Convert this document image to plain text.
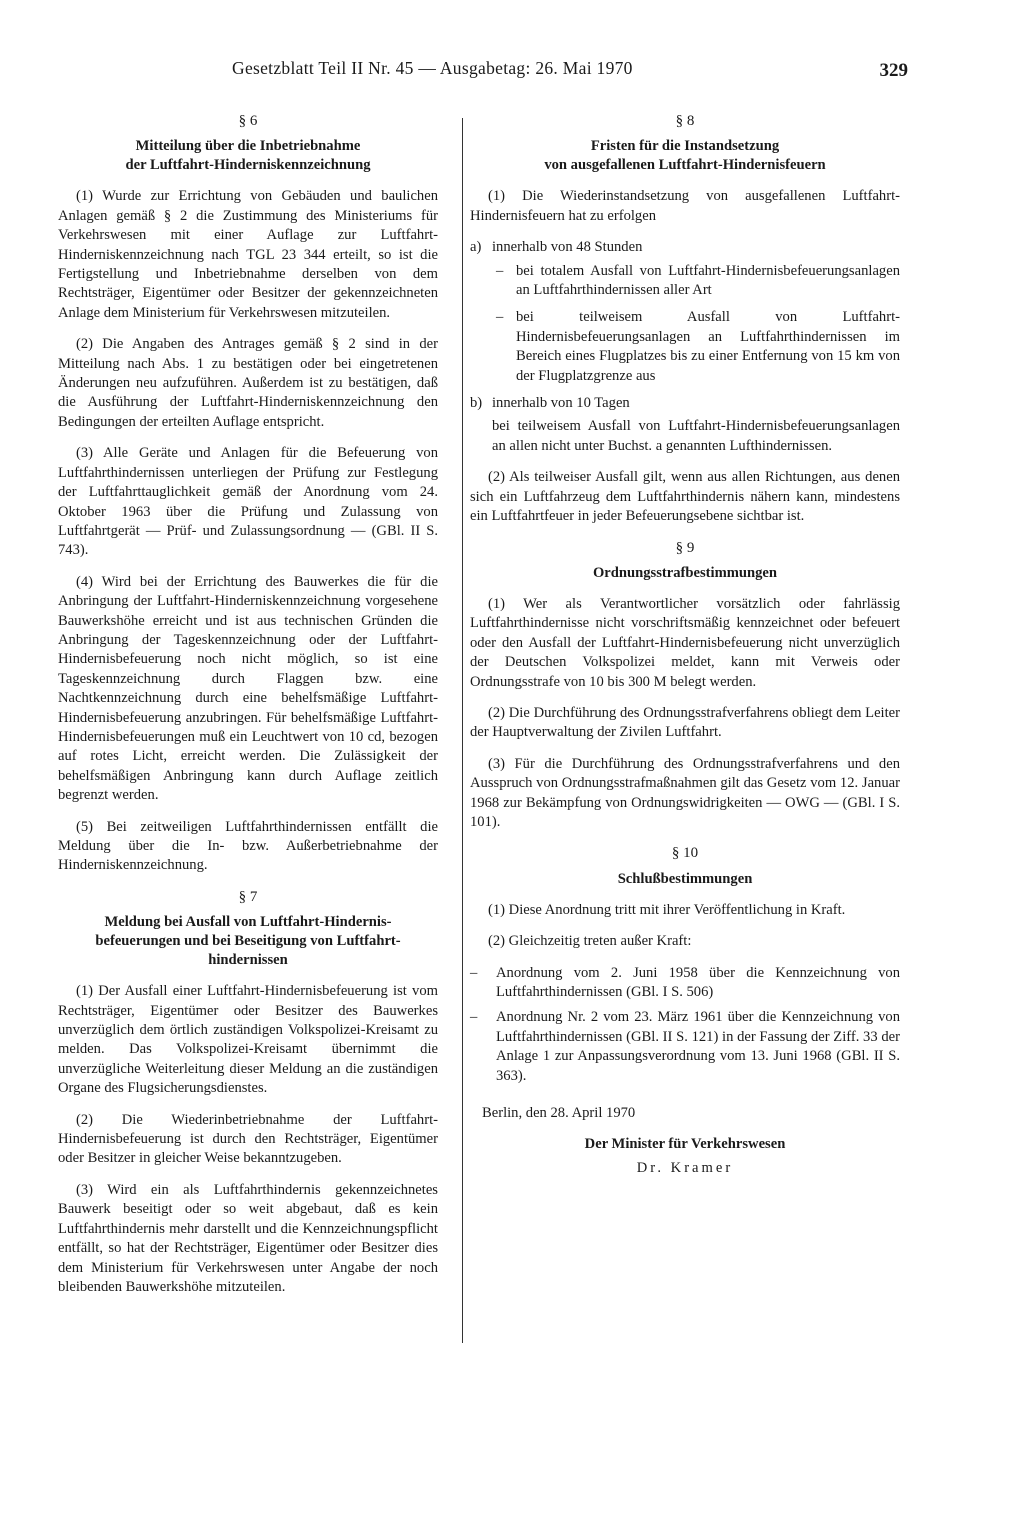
Gesetzblatt Teil II Nr. 45 — Ausgabetag: 26. Mai 1970	329
§ 6
Mitteilung über die Inbetriebnahme
der Luftfahrt-Hinderniskennzeichnung

(1) Wurde zur Errichtung von Gebäuden und baulichen Anlagen gemäß § 2 die Zustimmung des Ministeriums für Verkehrswesen mit einer Auflage zur Luftfahrt-Hinderniskennzeichnung nach TGL 23 344 erteilt, so ist die Fertigstellung und Inbetriebnahme derselben von dem Rechtsträger, Eigentümer oder Besitzer der gekennzeichneten Anlage dem Ministerium für Verkehrswesen mitzuteilen.

(2) Die Angaben des Antrages gemäß § 2 sind in der Mitteilung nach Abs. 1 zu bestätigen oder bei eingetretenen Änderungen neu aufzuführen. Außerdem ist zu bestätigen, daß die Ausführung der Luftfahrt-Hinderniskennzeichnung den Bedingungen der erteilten Auflage entspricht.

(3) Alle Geräte und Anlagen für die Befeuerung von Luftfahrthindernissen unterliegen der Prüfung zur Festlegung der Luftfahrttauglichkeit gemäß der Anordnung vom 24. Oktober 1963 über die Prüfung und Zulassung von Luftfahrtgerät — Prüf- und Zulassungsordnung — (GBl. II S. 743).

(4) Wird bei der Errichtung des Bauwerkes die für die Anbringung der Luftfahrt-Hinderniskennzeichnung vorgesehene Bauwerkshöhe erreicht und ist aus technischen Gründen die Anbringung der Tageskennzeichnung oder der Luftfahrt-Hindernisbefeuerung noch nicht möglich, so ist eine Tageskennzeichnung durch Flaggen bzw. eine Nachtkennzeichnung durch eine behelfsmäßige Luftfahrt-Hindernisbefeuerung anzubringen. Für behelfsmäßige Luftfahrt-Hindernisbefeuerungen muß ein Leuchtwert von 10 cd, bezogen auf rotes Licht, erreicht werden. Die Zulässigkeit der behelfsmäßigen Anbringung kann durch Auflage zeitlich begrenzt werden.

(5) Bei zeitweiligen Luftfahrthindernissen entfällt die Meldung über die In- bzw. Außerbetriebnahme der Hinderniskennzeichnung.

§ 7
Meldung bei Ausfall von Luftfahrt-Hindernis-
befeuerungen und bei Beseitigung von Luftfahrt-
hindernissen

(1) Der Ausfall einer Luftfahrt-Hindernisbefeuerung ist vom Rechtsträger, Eigentümer oder Besitzer des Bauwerkes unverzüglich dem örtlich zuständigen Volkspolizei-Kreisamt zu melden. Das Volkspolizei-Kreisamt übernimmt die unverzügliche Weiterleitung dieser Meldung an die zuständigen Organe des Flugsicherungsdienstes.

(2) Die Wiederinbetriebnahme der Luftfahrt-Hindernisbefeuerung ist durch den Rechtsträger, Eigentümer oder Besitzer in gleicher Weise bekanntzugeben.

(3) Wird ein als Luftfahrthindernis gekennzeichnetes Bauwerk beseitigt oder so weit abgebaut, daß es kein Luftfahrthindernis mehr darstellt und die Kennzeichnungspflicht entfällt, so hat der Rechtsträger, Eigentümer oder Besitzer dies dem Ministerium für Verkehrswesen unter Angabe der noch bleibenden Bauwerkshöhe mitzuteilen.

§ 8
Fristen für die Instandsetzung
von ausgefallenen Luftfahrt-Hindernisfeuern

(1) Die Wiederinstandsetzung von ausgefallenen Luftfahrt-Hindernisfeuern hat zu erfolgen

a) innerhalb von 48 Stunden
– bei totalem Ausfall von Luftfahrt-Hindernisbefeuerungsanlagen an Luftfahrthindernissen aller Art
– bei teilweisem Ausfall von Luftfahrt-Hindernisbefeuerungsanlagen an Luftfahrthindernissen im Bereich eines Flugplatzes bis zu einer Entfernung von 15 km von der Flugplatzgrenze aus
b) innerhalb von 10 Tagen
bei teilweisem Ausfall von Luftfahrt-Hindernisbefeuerungsanlagen an allen nicht unter Buchst. a genannten Lufthindernissen.

(2) Als teilweiser Ausfall gilt, wenn aus allen Richtungen, aus denen sich ein Luftfahrzeug dem Luftfahrthindernis nähern kann, mindestens ein Luftfahrtfeuer in jeder Befeuerungsebene sichtbar ist.

§ 9
Ordnungsstrafbestimmungen

(1) Wer als Verantwortlicher vorsätzlich oder fahrlässig Luftfahrthindernisse nicht vorschriftsmäßig kennzeichnet oder befeuert oder den Ausfall der Luftfahrt-Hindernisbefeuerung nicht unverzüglich der Deutschen Volkspolizei meldet, kann mit Verweis oder Ordnungsstrafe von 10 bis 300 M belegt werden.

(2) Die Durchführung des Ordnungsstrafverfahrens obliegt dem Leiter der Hauptverwaltung der Zivilen Luftfahrt.

(3) Für die Durchführung des Ordnungsstrafverfahrens und den Ausspruch von Ordnungsstrafmaßnahmen gilt das Gesetz vom 12. Januar 1968 zur Bekämpfung von Ordnungswidrigkeiten — OWG — (GBl. I S. 101).

§ 10
Schlußbestimmungen

(1) Diese Anordnung tritt mit ihrer Veröffentlichung in Kraft.

(2) Gleichzeitig treten außer Kraft:

– Anordnung vom 2. Juni 1958 über die Kennzeichnung von Luftfahrthindernissen (GBl. I S. 506)
– Anordnung Nr. 2 vom 23. März 1961 über die Kennzeichnung von Luftfahrthindernissen (GBl. II S. 121) in der Fassung der Ziff. 33 der Anlage 1 zur Anpassungsverordnung vom 13. Juni 1968 (GBl. II S. 363).

Berlin, den 28. April 1970

Der Minister für Verkehrswesen

Dr. Kramer
